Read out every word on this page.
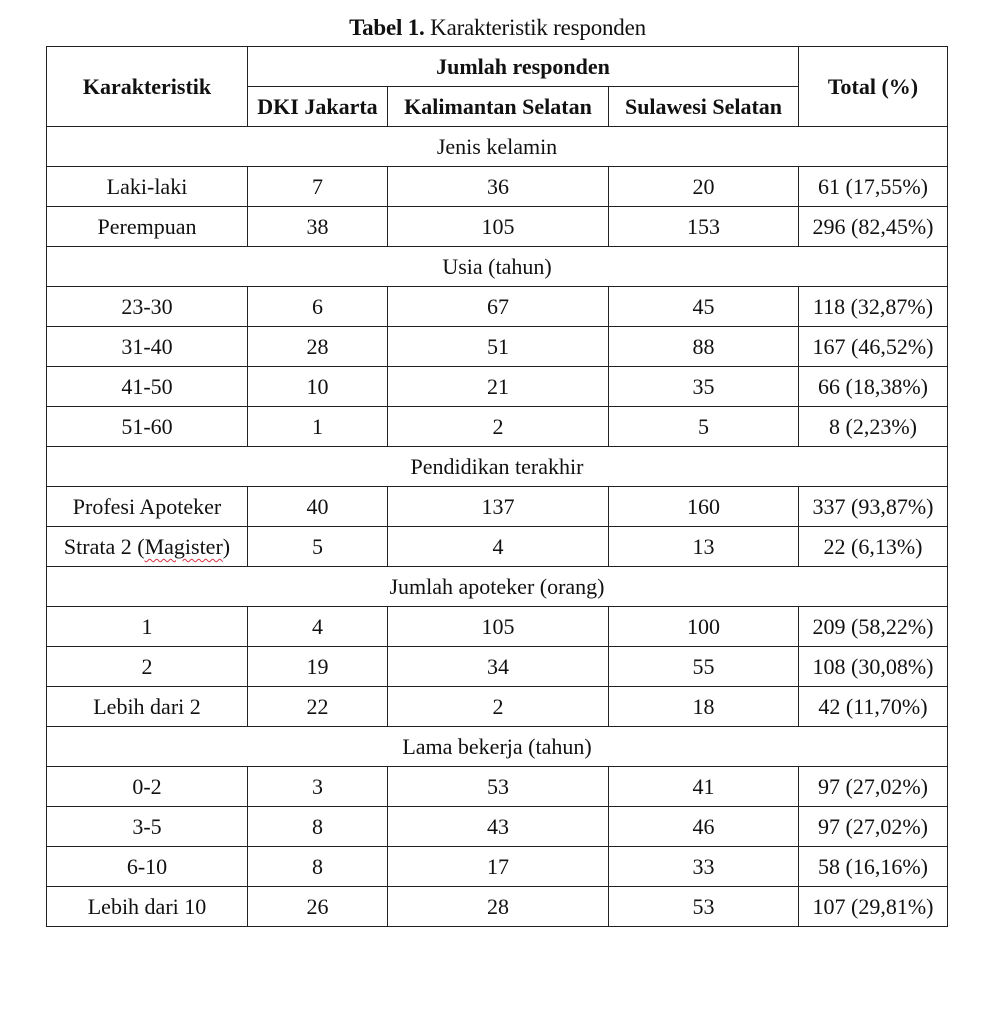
Tabel 1. Karakteristik responden
Karakteristik	Jumlah responden			Total (%)
	DKI Jakarta	Kalimantan Selatan	Sulawesi Selatan	
Jenis kelamin				
Laki-laki	7	36	20	61 (17,55%)
Perempuan	38	105	153	296 (82,45%)
Usia (tahun)				
23-30	6	67	45	118 (32,87%)
31-40	28	51	88	167 (46,52%)
41-50	10	21	35	66 (18,38%)
51-60	1	2	5	8 (2,23%)
Pendidikan terakhir				
Profesi Apoteker	40	137	160	337 (93,87%)
Strata 2 (Magister)	5	4	13	22 (6,13%)
Jumlah apoteker (orang)				
1	4	105	100	209 (58,22%)
2	19	34	55	108 (30,08%)
Lebih dari 2	22	2	18	42 (11,70%)
Lama bekerja (tahun)				
0-2	3	53	41	97 (27,02%)
3-5	8	43	46	97 (27,02%)
6-10	8	17	33	58 (16,16%)
Lebih dari 10	26	28	53	107 (29,81%)
